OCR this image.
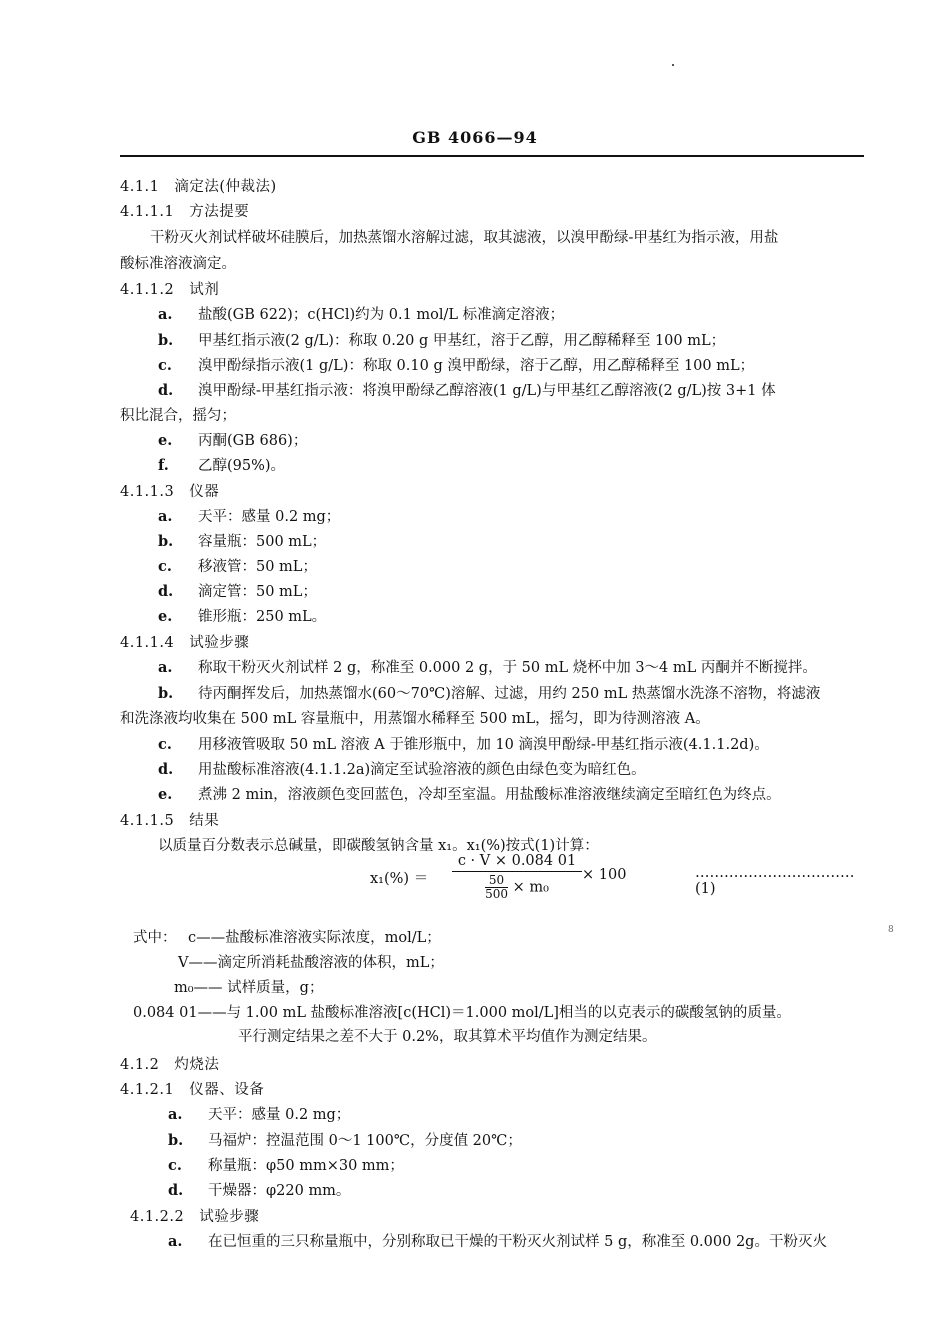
GB 4066—94
4.1.1　滴定法(仲裁法)
4.1.1.1　方法提要
干粉灭火剂试样破坏硅膜后，加热蒸馏水溶解过滤，取其滤液，以溴甲酚绿-甲基红为指示液，用盐
酸标准溶液滴定。
4.1.1.2　试剂
a. 盐酸(GB 622)；c(HCl)约为 0.1 mol/L 标准滴定溶液；
b. 甲基红指示液(2 g/L)：称取 0.20 g 甲基红，溶于乙醇，用乙醇稀释至 100 mL；
c. 溴甲酚绿指示液(1 g/L)：称取 0.10 g 溴甲酚绿，溶于乙醇，用乙醇稀释至 100 mL；
d. 溴甲酚绿-甲基红指示液：将溴甲酚绿乙醇溶液(1 g/L)与甲基红乙醇溶液(2 g/L)按 3+1 体
积比混合，摇匀；
e. 丙酮(GB 686)；
f. 乙醇(95%)。
4.1.1.3　仪器
a. 天平：感量 0.2 mg；
b. 容量瓶：500 mL；
c. 移液管：50 mL；
d. 滴定管：50 mL；
e. 锥形瓶：250 mL。
4.1.1.4　试验步骤
a. 称取干粉灭火剂试样 2 g，称准至 0.000 2 g，于 50 mL 烧杯中加 3～4 mL 丙酮并不断搅拌。
b. 待丙酮挥发后，加热蒸馏水(60～70℃)溶解、过滤，用约 250 mL 热蒸馏水洗涤不溶物，将滤液
和洗涤液均收集在 500 mL 容量瓶中，用蒸馏水稀释至 500 mL，摇匀，即为待测溶液 A。
c. 用移液管吸取 50 mL 溶液 A 于锥形瓶中，加 10 滴溴甲酚绿-甲基红指示液(4.1.1.2d)。
d. 用盐酸标准溶液(4.1.1.2a)滴定至试验溶液的颜色由绿色变为暗红色。
e. 煮沸 2 min，溶液颜色变回蓝色，冷却至室温。用盐酸标准溶液继续滴定至暗红色为终点。
4.1.1.5　结果
以质量百分数表示总碱量，即碳酸氢钠含量 x₁。x₁(%)按式(1)计算：
$x_1(\%) = \frac{c \cdot V \times 0.084 01}{\frac{50}{500} \times m_0} \times 100$	……………………………(1)
式中： c——盐酸标准溶液实际浓度，mol/L；
V——滴定所消耗盐酸溶液的体积，mL；
m₀—— 试样质量，g；
0.084 01——与 1.00 mL 盐酸标准溶液[c(HCl)＝1.000 mol/L]相当的以克表示的碳酸氢钠的质量。
平行测定结果之差不大于 0.2%，取其算术平均值作为测定结果。
8
4.1.2　灼烧法
4.1.2.1　仪器、设备
a. 天平：感量 0.2 mg；
b. 马福炉：控温范围 0～1 100℃，分度值 20℃；
c. 称量瓶：φ50 mm×30 mm；
d. 干燥器：φ220 mm。
4.1.2.2　试验步骤
a. 在已恒重的三只称量瓶中，分别称取已干燥的干粉灭火剂试样 5 g，称准至 0.000 2g。干粉灭火
